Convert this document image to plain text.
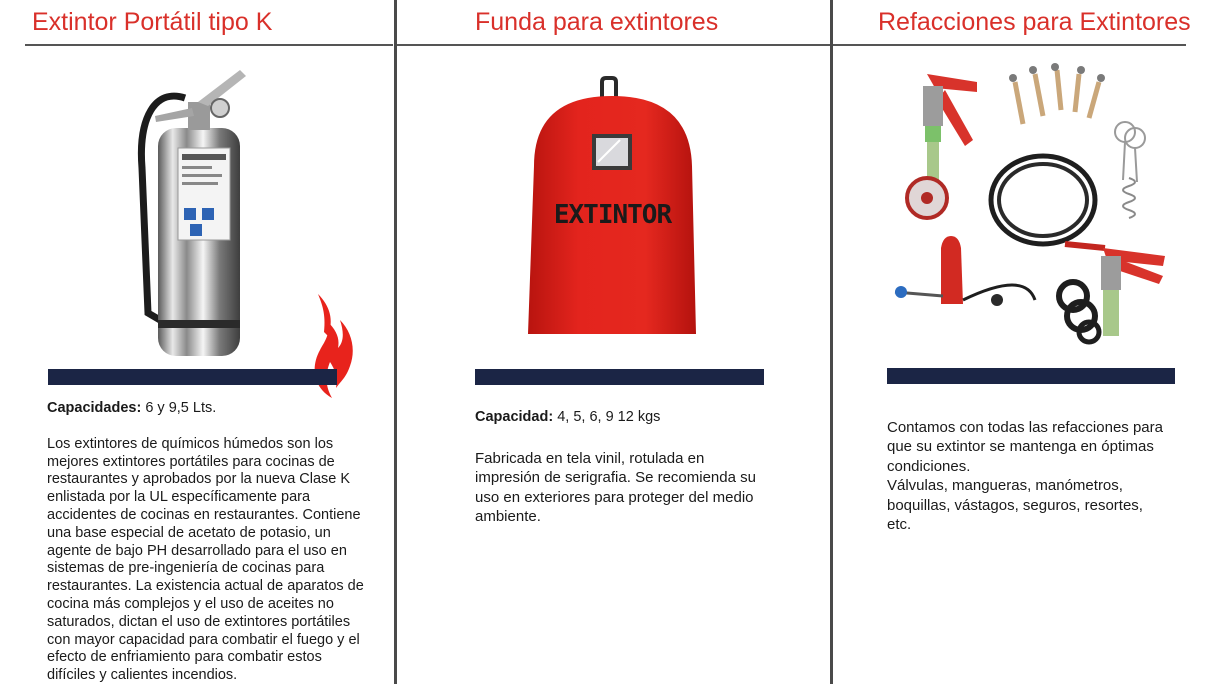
Extintor Portátil tipo K

Capacidades: 6 y 9,5 Lts.

Los extintores de químicos húmedos son los mejores extintores portátiles para cocinas de restaurantes y aprobados por la nueva Clase K enlistada por la UL específicamente para accidentes de cocinas en restaurantes. Contiene una base especial de acetato de potasio, un agente de bajo PH desarrollado para el uso en sistemas de pre-ingeniería de cocinas para restaurantes. La existencia actual de aparatos de cocina más complejos y el uso de aceites no saturados, dictan el uso de extintores portátiles con mayor capacidad para combatir el fuego y el efecto de enfriamiento para combatir estos difíciles y calientes incendios.

Funda para extintores
EXTINTOR

Capacidad: 4, 5, 6, 9 12 kgs

Fabricada en tela vinil, rotulada en impresión de serigrafia. Se recomienda su uso en exteriores para proteger del medio ambiente.

Refacciones para Extintores

Contamos con todas las refacciones para que su extintor se mantenga en óptimas condiciones.

Válvulas, mangueras, manómetros, boquillas, vástagos, seguros, resortes, etc.
